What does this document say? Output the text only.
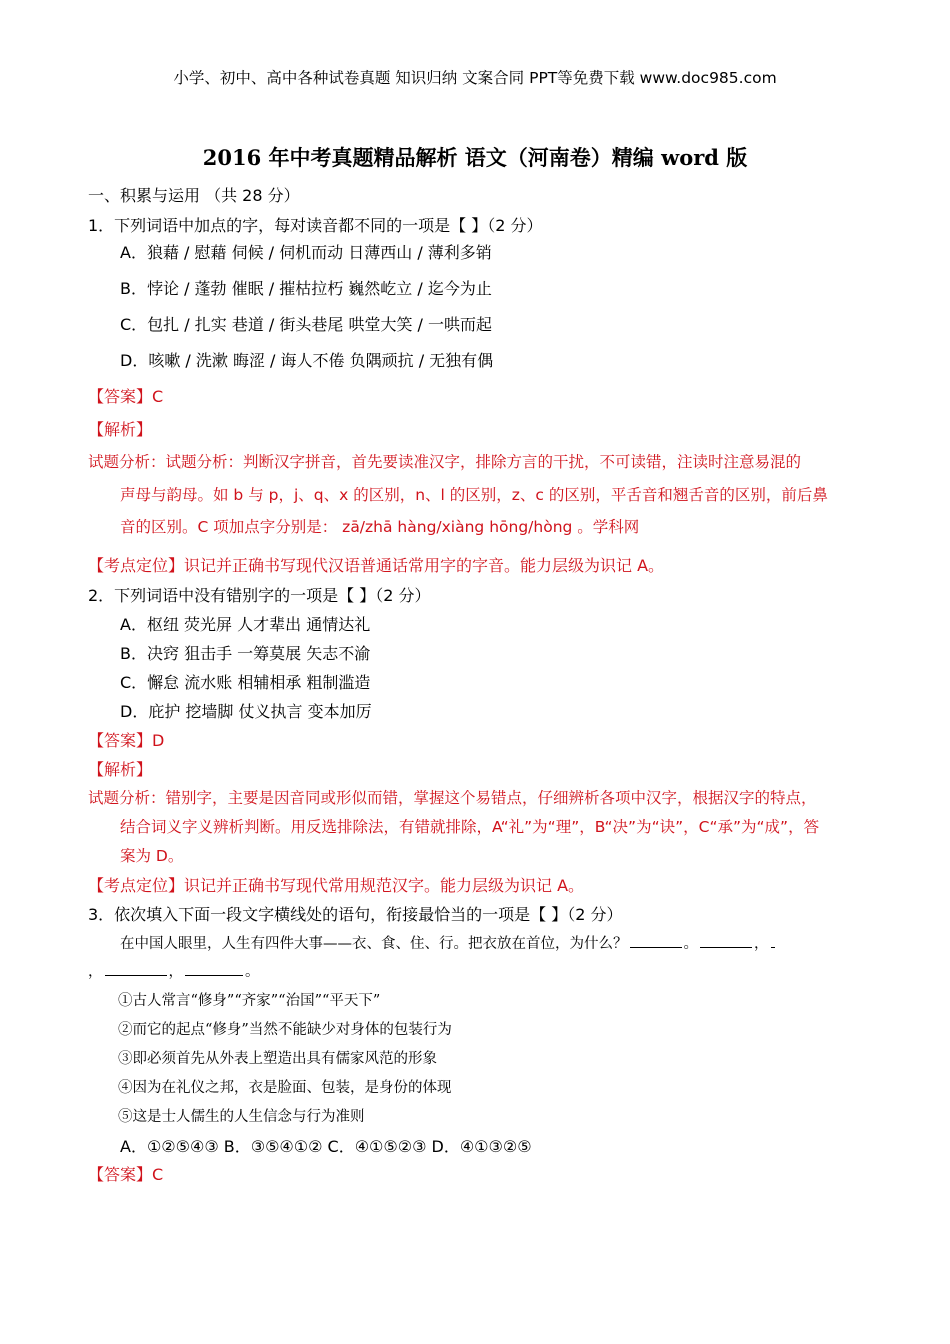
小学、初中、高中各种试卷真题 知识归纳 文案合同 PPT等免费下载 www.doc985.com
2016 年中考真题精品解析 语文（河南卷）精编 word 版
一、积累与运用 （共 28 分）
1．下列词语中加点的字，每对读音都不同的一项是【 】（2 分）
A．狼藉 / 慰藉 伺候 / 伺机而动 日薄西山 / 薄利多销
B．悖论 / 蓬勃 催眠 / 摧枯拉朽 巍然屹立 / 迄今为止
C．包扎 / 扎实 巷道 / 街头巷尾 哄堂大笑 / 一哄而起
D．咳嗽 / 洗漱 晦涩 / 诲人不倦 负隅顽抗 / 无独有偶
【答案】C
【解析】
试题分析：试题分析：判断汉字拼音，首先要读准汉字，排除方言的干扰，不可读错，注读时注意易混的
声母与韵母。如 b 与 p，j、q、x 的区别，n、l 的区别，z、c 的区别，平舌音和翘舌音的区别，前后鼻
音的区别。C 项加点字分别是： zā/zhā hàng/xiàng hōng/hòng 。学科网
【考点定位】识记并正确书写现代汉语普通话常用字的字音。能力层级为识记 A。
2．下列词语中没有错别字的一项是【 】（2 分）
A．枢纽 荧光屏 人才辈出 通情达礼
B．决窍 狙击手 一筹莫展 矢志不渝
C．懈怠 流水账 相辅相承 粗制滥造
D．庇护 挖墙脚 仗义执言 变本加厉
【答案】D
【解析】
试题分析：错别字，主要是因音同或形似而错，掌握这个易错点，仔细辨析各项中汉字，根据汉字的特点，
结合词义字义辨析判断。用反选排除法，有错就排除，A“礼”为“理”，B“决”为“诀”，C“承”为“成”，答
案为 D。
【考点定位】识记并正确书写现代常用规范汉字。能力层级为识记 A。
3．依次填入下面一段文字横线处的语句，衔接最恰当的一项是【 】（2 分）
在中国人眼里，人生有四件大事——衣、食、住、行。把衣放在首位，为什么？	。	，
，	，	。
①古人常言“修身”“齐家”“治国”“平天下”
②而它的起点“修身”当然不能缺少对身体的包装行为
③即必须首先从外表上塑造出具有儒家风范的形象
④因为在礼仪之邦，衣是脸面、包装，是身份的体现
⑤这是士人儒生的人生信念与行为准则
A．①②⑤④③ B．③⑤④①② C．④①⑤②③ D．④①③②⑤
【答案】C
